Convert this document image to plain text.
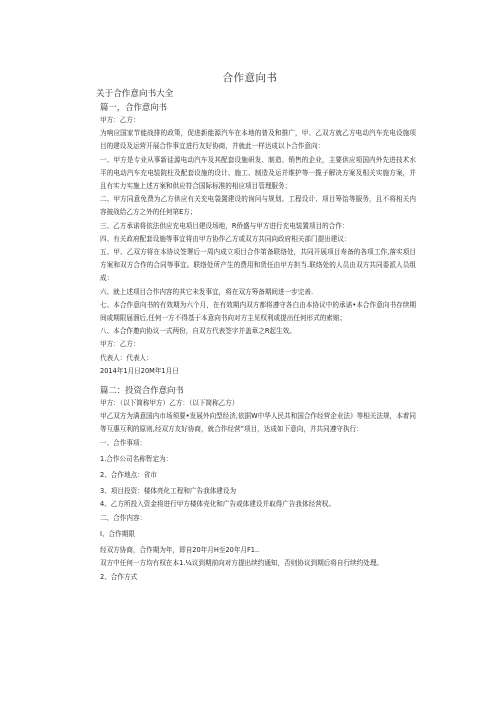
合作意向书
关于合作意向书大全
篇一，合作意向书
甲方：乙方：
为响应国家节能战排的政策，促进新能源汽车在本地的普及和推广，甲、乙双方就乙方电动汽车充电设施项目的建设及运营开展合作事宜进行友好协商，并就此一样达成以卜合作意向：
一、甲方是专业从事新徒源电动汽车及其配套设施研发、制造、销售的企业，主要供应项国内外先进技术水平的电动汽车充电装院柱及配套设施的设计、施工、制造及运并维护等一揽子解决方案及相关实施方案，并且有实力实施上述方案和供应符合国际标准的相应项目管理服务；
二、甲方同意免费为乙方供应有关充电袋置建设的询问与规划、工程设计、项目筹饴等服务，且不将相关内容披战给乙方之外的任何第E方；
三、乙方承诺将依法供应充电项目建设场地，R侨盛与甲方进行充电装置项目的合作：
四、有关政府配套设施等事宜将由甲方协作乙方或双方共同向政府相关部门提出建议：
五、甲、乙双方将在本协议签署后一周内成立项目合作笫备联络处，共同开展项目寿备的各项工作,落实项目方案和双方合作的合同等事宜。联络处所产生的费用和货任由甲方担当.联络处的人员由双方共同委派人员组成：
六、就上述项目合作内容的其它未发事宜，将在双方筹备期间进一步完善.
七、本合作意向书的有效期为六个月，在有效期内双方都将遵守各白由本协议中的承诺•本合作意向书存续期间或期限届溜后,任何一方不得基于本意向书向对方主见权利或提出任何形式的索赔；
八、本合作邀向协议一式两份，自双方代表签字并盖章之R起生效。
甲方：乙方：
代表人：代表人：
2014年1月日20M年1月日
篇二：投资合作意向书
甲方：（以下简称甲方）乙方：（以下简称乙方）
甲乙双方为满意国内市场须要•发展外向型经济,依据W中华人民共和国合作经营企业法》等相关法规，本着同等互惠互利的原则,经双方友好协商，就合作经营”项目，达成如下意向，并共同遵守执行：
一、合作事项：
1.合作公司名称暂定为：
2、合作地点：省市
3、项目投资：楼体亮化工程和广告我体建设为
4、乙方所投入资金将进行甲方楼体壳化和广告或体建设并取得广告我体经营权。
二、合作内容：
I、合作期限
经双方协商，合作期为年，即自20年月H至20年月F1..
双方中任何一方均有权在本1.¼议到期前向对方提出续约通知，否则协议到期后将自行续约处理。
2、合作方式
